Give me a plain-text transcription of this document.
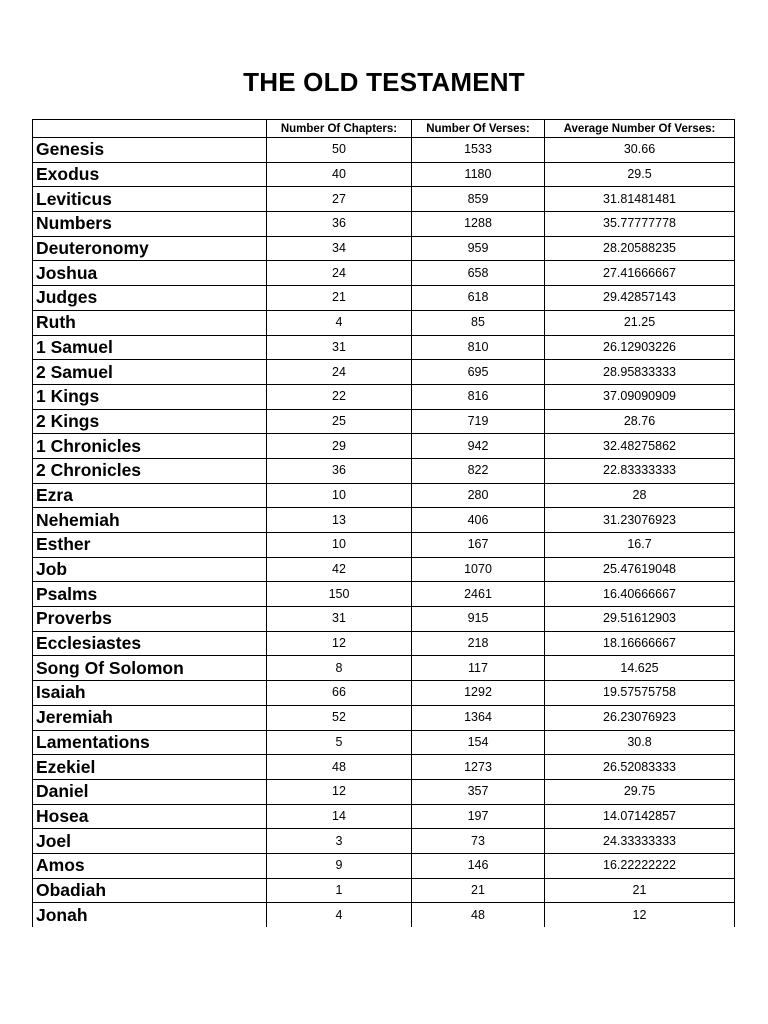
THE OLD TESTAMENT
	Number Of Chapters:	Number Of Verses:	Average Number Of Verses:
Genesis	50	1533	30.66
Exodus	40	1180	29.5
Leviticus	27	859	31.81481481
Numbers	36	1288	35.77777778
Deuteronomy	34	959	28.20588235
Joshua	24	658	27.41666667
Judges	21	618	29.42857143
Ruth	4	85	21.25
1 Samuel	31	810	26.12903226
2 Samuel	24	695	28.95833333
1 Kings	22	816	37.09090909
2 Kings	25	719	28.76
1 Chronicles	29	942	32.48275862
2 Chronicles	36	822	22.83333333
Ezra	10	280	28
Nehemiah	13	406	31.23076923
Esther	10	167	16.7
Job	42	1070	25.47619048
Psalms	150	2461	16.40666667
Proverbs	31	915	29.51612903
Ecclesiastes	12	218	18.16666667
Song Of Solomon	8	117	14.625
Isaiah	66	1292	19.57575758
Jeremiah	52	1364	26.23076923
Lamentations	5	154	30.8
Ezekiel	48	1273	26.52083333
Daniel	12	357	29.75
Hosea	14	197	14.07142857
Joel	3	73	24.33333333
Amos	9	146	16.22222222
Obadiah	1	21	21
Jonah	4	48	12
